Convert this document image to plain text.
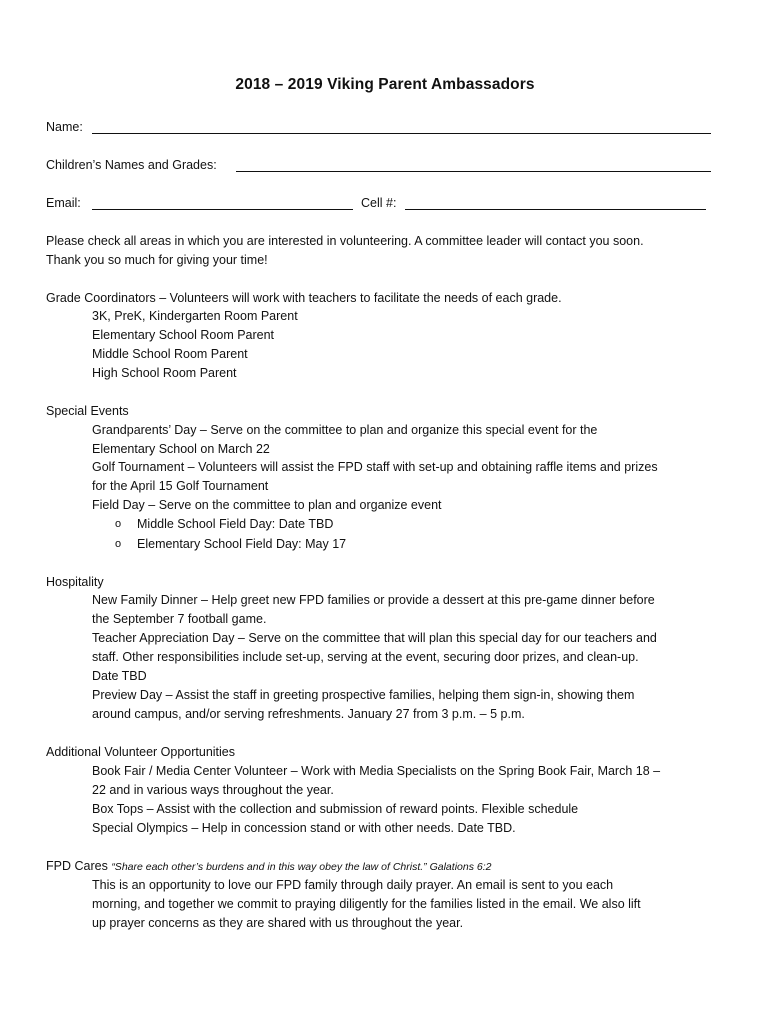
2018 – 2019 Viking Parent Ambassadors
Name:
Children’s Names and Grades:
Email:	Cell #:
Please check all areas in which you are interested in volunteering. A committee leader will contact you soon.
Thank you so much for giving your time!
Grade Coordinators – Volunteers will work with teachers to facilitate the needs of each grade.
3K, PreK, Kindergarten Room Parent
Elementary School Room Parent
Middle School Room Parent
High School Room Parent
Special Events
Grandparents’ Day – Serve on the committee to plan and organize this special event for the
Elementary School on March 22
Golf Tournament – Volunteers will assist the FPD staff with set-up and obtaining raffle items and prizes
for the April 15 Golf Tournament
Field Day – Serve on the committee to plan and organize event
o Middle School Field Day: Date TBD
o Elementary School Field Day: May 17
Hospitality
New Family Dinner – Help greet new FPD families or provide a dessert at this pre-game dinner before
the September 7 football game.
Teacher Appreciation Day – Serve on the committee that will plan this special day for our teachers and
staff. Other responsibilities include set-up, serving at the event, securing door prizes, and clean-up.
Date TBD
Preview Day – Assist the staff in greeting prospective families, helping them sign-in, showing them
around campus, and/or serving refreshments. January 27 from 3 p.m. – 5 p.m.
Additional Volunteer Opportunities
Book Fair / Media Center Volunteer – Work with Media Specialists on the Spring Book Fair, March 18 –
22 and in various ways throughout the year.
Box Tops – Assist with the collection and submission of reward points. Flexible schedule
Special Olympics – Help in concession stand or with other needs. Date TBD.
FPD Cares “Share each other’s burdens and in this way obey the law of Christ.” Galations 6:2
This is an opportunity to love our FPD family through daily prayer. An email is sent to you each
morning, and together we commit to praying diligently for the families listed in the email. We also lift
up prayer concerns as they are shared with us throughout the year.
